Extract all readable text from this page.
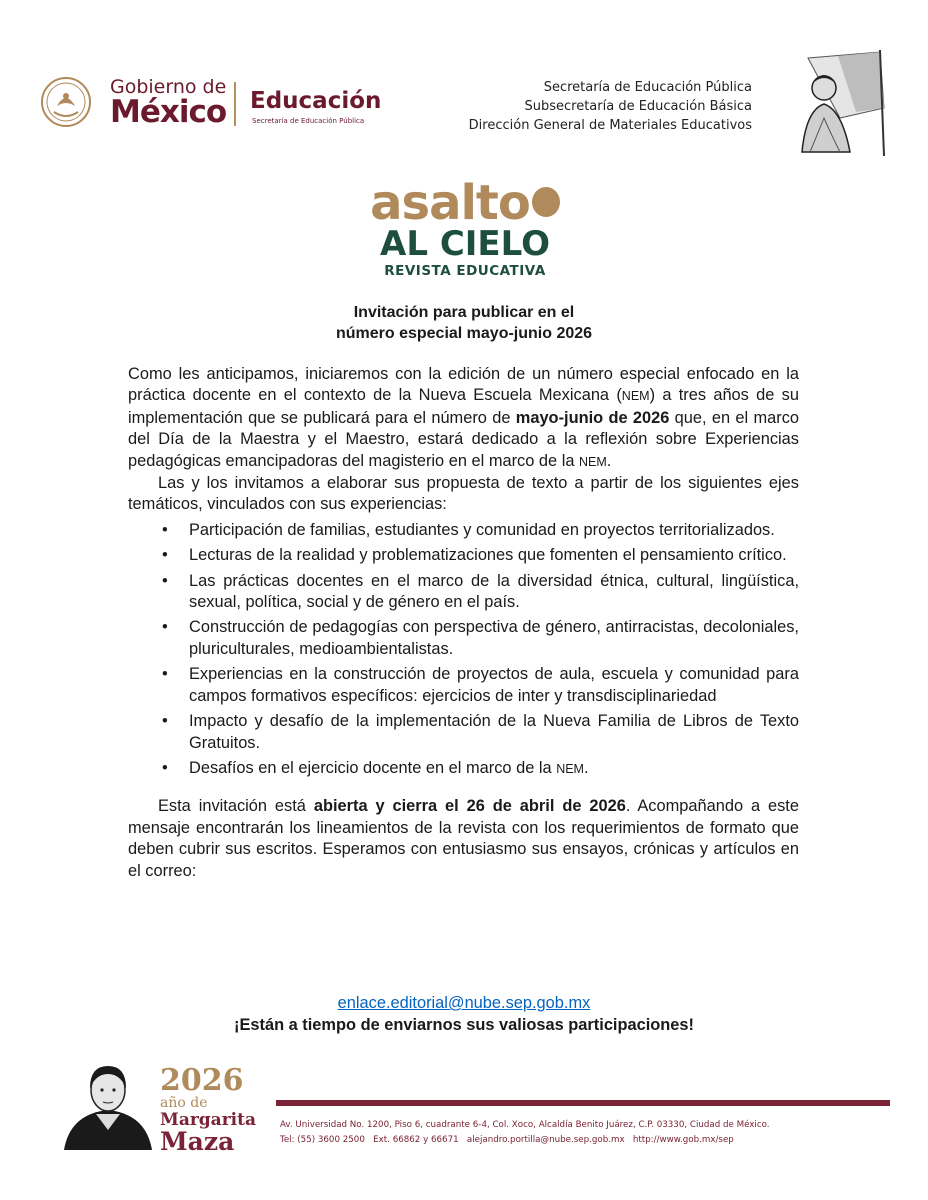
Gobierno de
México Educación
Secretaría de Educación Pública
Secretaría de Educación Pública
Subsecretaría de Educación Básica
Dirección General de Materiales Educativos
asalto
AL CIELO
REVISTA EDUCATIVA
Invitación para publicar en el
número especial mayo-junio 2026

Como les anticipamos, iniciaremos con la edición de un número especial enfocado en la práctica docente en el contexto de la Nueva Escuela Mexicana (NEM) a tres años de su implementación que se publicará para el número de mayo-junio de 2026 que, en el marco del Día de la Maestra y el Maestro, estará dedicado a la reflexión sobre Experiencias pedagógicas emancipadoras del magisterio en el marco de la NEM.

Las y los invitamos a elaborar sus propuesta de texto a partir de los siguientes ejes temáticos, vinculados con sus experiencias:

• Participación de familias, estudiantes y comunidad en proyectos territorializados.
• Lecturas de la realidad y problematizaciones que fomenten el pensamiento crítico.
• Las prácticas docentes en el marco de la diversidad étnica, cultural, lingüística, sexual, política, social y de género en el país.
• Construcción de pedagogías con perspectiva de género, antirracistas, decoloniales, pluriculturales, medioambientalistas.
• Experiencias en la construcción de proyectos de aula, escuela y comunidad para campos formativos específicos: ejercicios de inter y transdisciplinariedad
• Impacto y desafío de la implementación de la Nueva Familia de Libros de Texto Gratuitos.
• Desafíos en el ejercicio docente en el marco de la NEM.

Esta invitación está abierta y cierra el 26 de abril de 2026. Acompañando a este mensaje encontrarán los lineamientos de la revista con los requerimientos de formato que deben cubrir sus escritos. Esperamos con entusiasmo sus ensayos, crónicas y artículos en el correo:

enlace.editorial@nube.sep.gob.mx
¡Están a tiempo de enviarnos sus valiosas participaciones!
2026
año de
Margarita
Maza
Av. Universidad No. 1200, Piso 6, cuadrante 6-4, Col. Xoco, Alcaldía Benito Juárez, C.P. 03330, Ciudad de México.
Tel: (55) 3600 2500   Ext. 66862 y 66671   alejandro.portilla@nube.sep.gob.mx   http://www.gob.mx/sep
